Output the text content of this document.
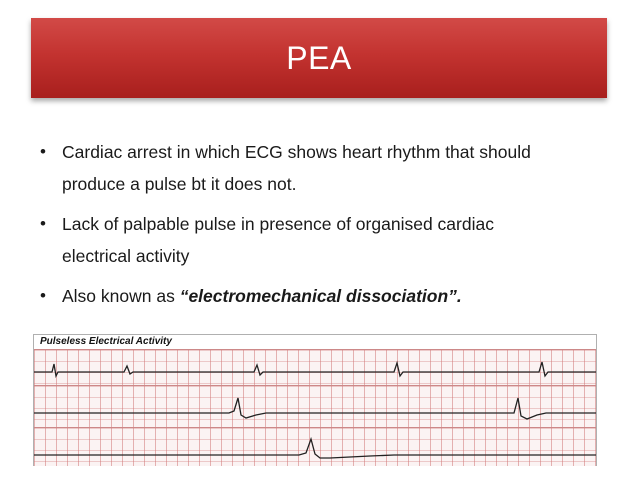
PEA
• Cardiac arrest in which ECG shows heart rhythm that should
produce a pulse bt it does not.
• Lack of palpable pulse in presence of organised cardiac
electrical activity
• Also known as “electromechanical dissociation”.
Pulseless Electrical Activity
